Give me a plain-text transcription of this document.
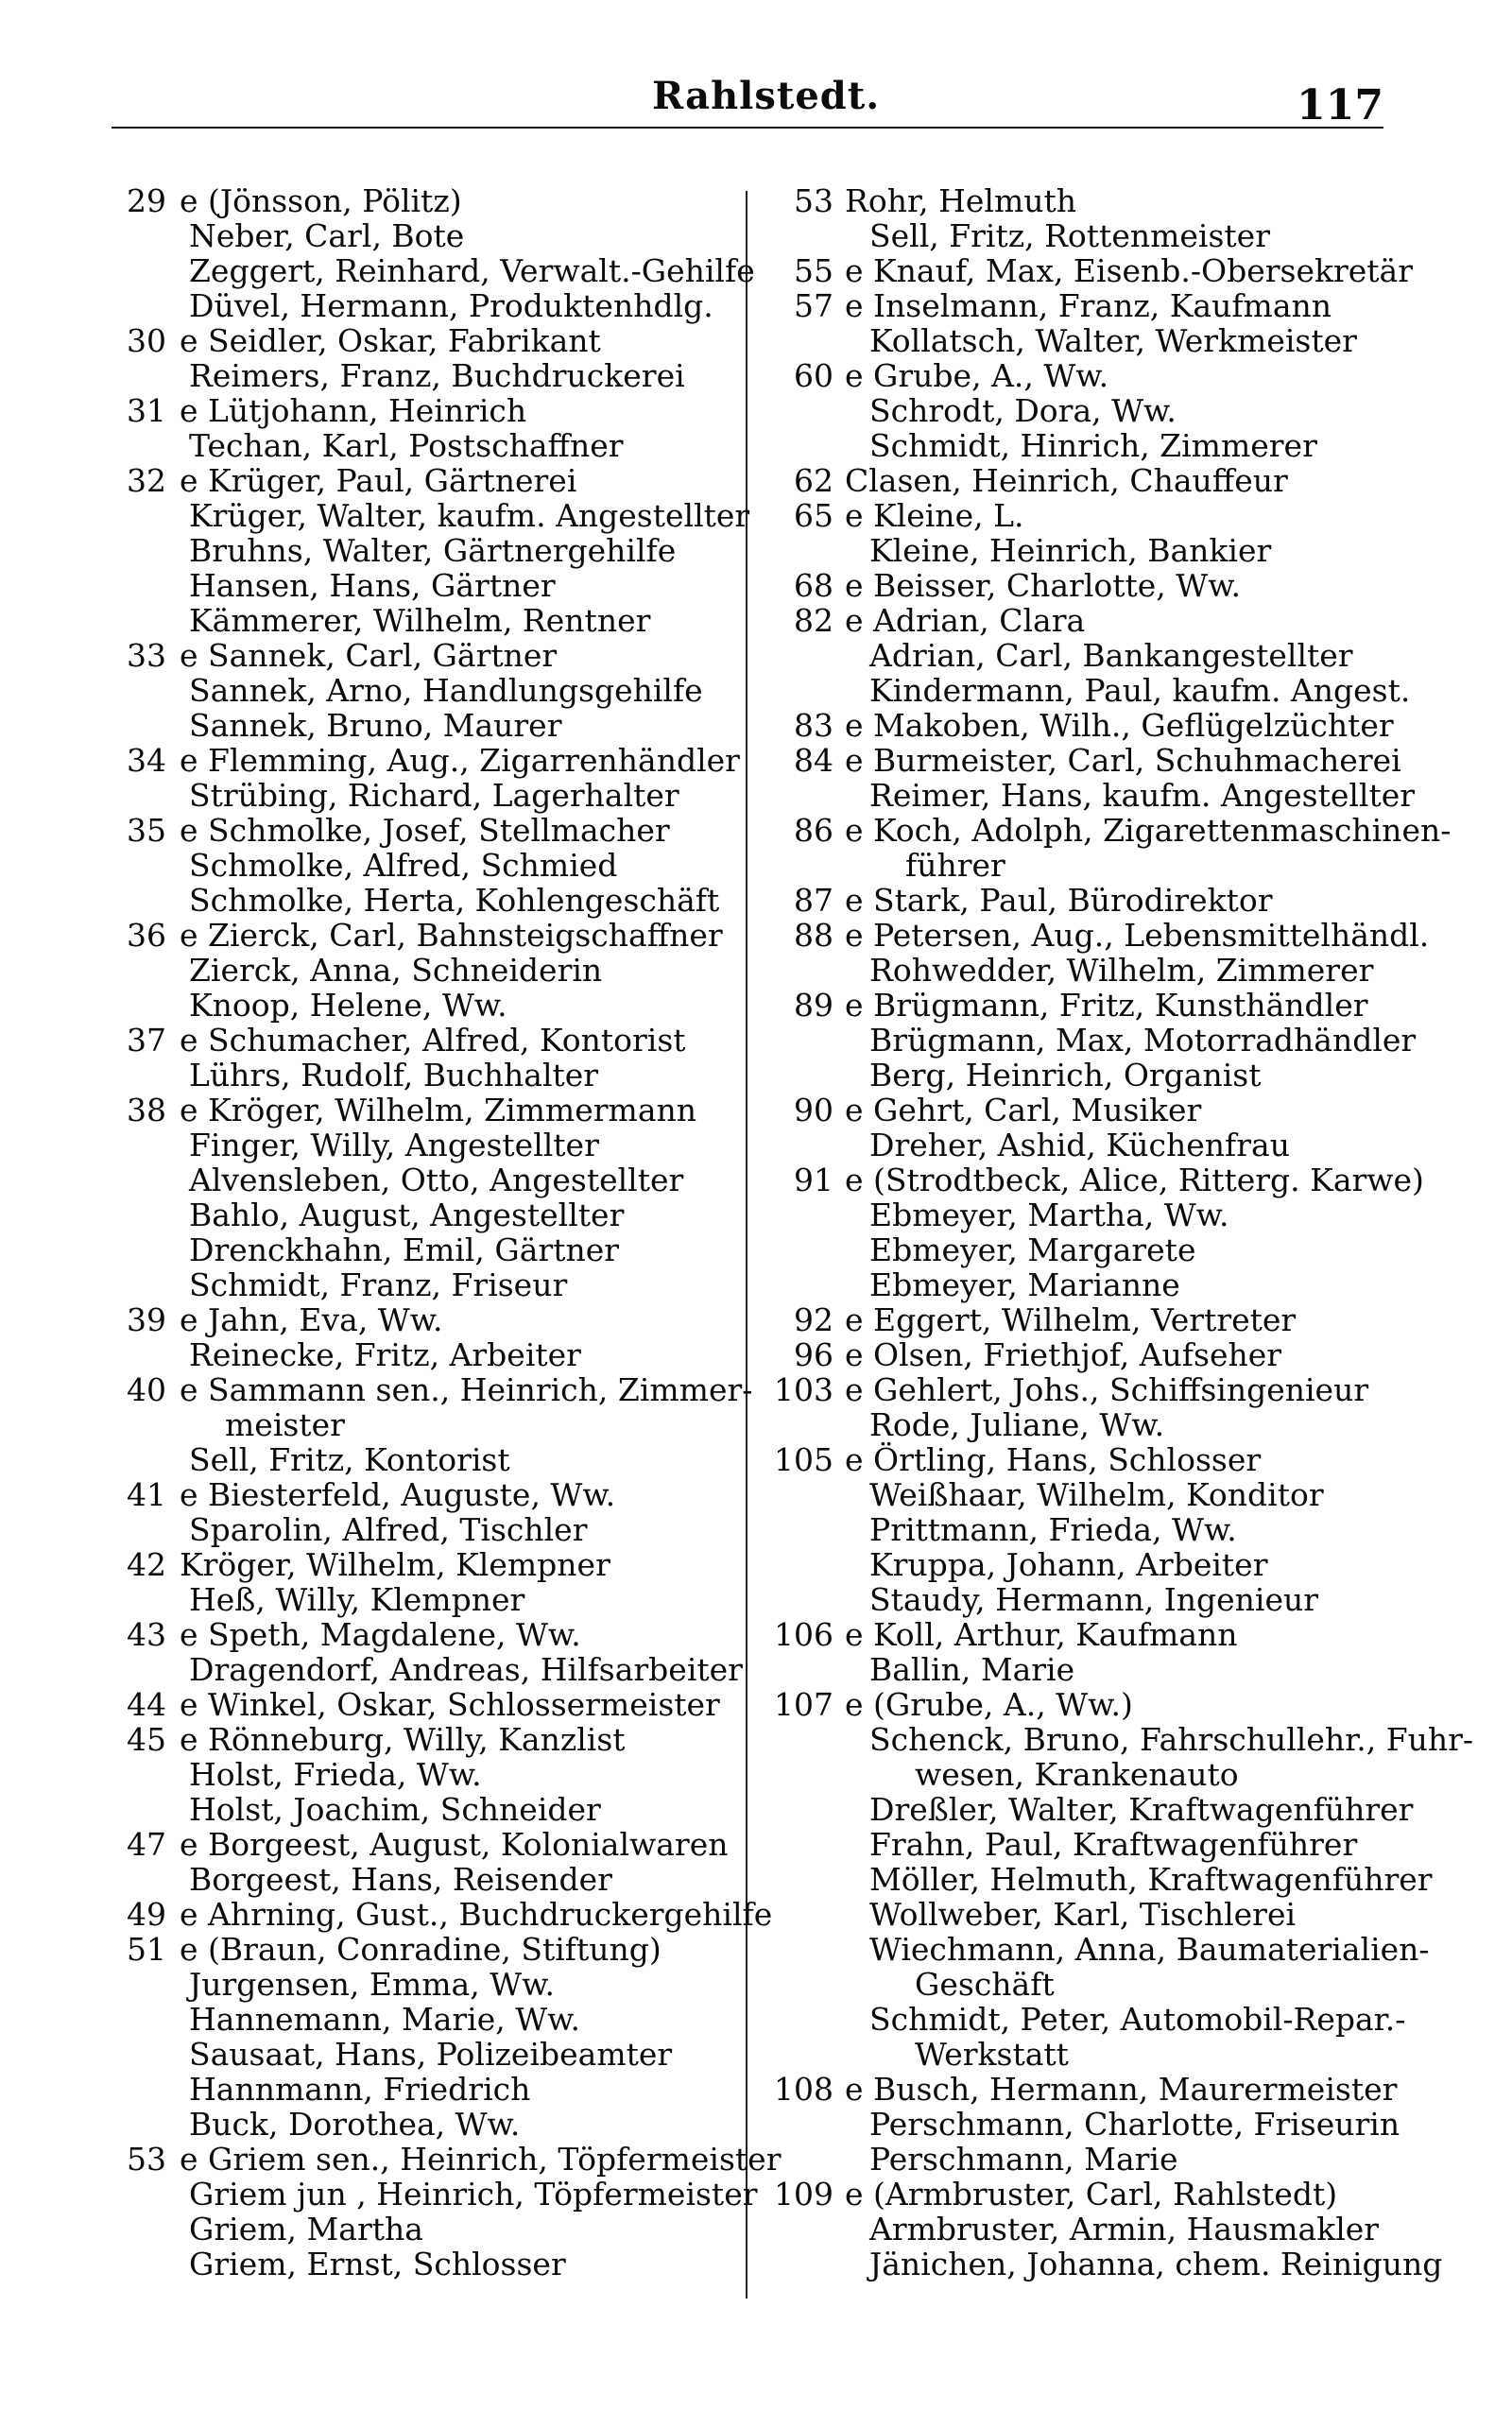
Rahlstedt.	117
29 e (Jönsson, Pölitz)
Neber, Carl, Bote
Zeggert, Reinhard, Verwalt.-Gehilfe
Düvel, Hermann, Produktenhdlg.
30 e Seidler, Oskar, Fabrikant
Reimers, Franz, Buchdruckerei
31 e Lütjohann, Heinrich
Techan, Karl, Postschaffner
32 e Krüger, Paul, Gärtnerei
Krüger, Walter, kaufm. Angestellter
Bruhns, Walter, Gärtnergehilfe
Hansen, Hans, Gärtner
Kämmerer, Wilhelm, Rentner
33 e Sannek, Carl, Gärtner
Sannek, Arno, Handlungsgehilfe
Sannek, Bruno, Maurer
34 e Flemming, Aug., Zigarrenhändler
Strübing, Richard, Lagerhalter
35 e Schmolke, Josef, Stellmacher
Schmolke, Alfred, Schmied
Schmolke, Herta, Kohlengeschäft
36 e Zierck, Carl, Bahnsteigschaffner
Zierck, Anna, Schneiderin
Knoop, Helene, Ww.
37 e Schumacher, Alfred, Kontorist
Lührs, Rudolf, Buchhalter
38 e Kröger, Wilhelm, Zimmermann
Finger, Willy, Angestellter
Alvensleben, Otto, Angestellter
Bahlo, August, Angestellter
Drenckhahn, Emil, Gärtner
Schmidt, Franz, Friseur
39 e Jahn, Eva, Ww.
Reinecke, Fritz, Arbeiter
40 e Sammann sen., Heinrich, Zimmer-
meister
Sell, Fritz, Kontorist
41 e Biesterfeld, Auguste, Ww.
Sparolin, Alfred, Tischler
42 Kröger, Wilhelm, Klempner
Heß, Willy, Klempner
43 e Speth, Magdalene, Ww.
Dragendorf, Andreas, Hilfsarbeiter
44 e Winkel, Oskar, Schlossermeister
45 e Rönneburg, Willy, Kanzlist
Holst, Frieda, Ww.
Holst, Joachim, Schneider
47 e Borgeest, August, Kolonialwaren
Borgeest, Hans, Reisender
49 e Ahrning, Gust., Buchdruckergehilfe
51 e (Braun, Conradine, Stiftung)
Jurgensen, Emma, Ww.
Hannemann, Marie, Ww.
Sausaat, Hans, Polizeibeamter
Hannmann, Friedrich
Buck, Dorothea, Ww.
53 e Griem sen., Heinrich, Töpfermeister
Griem jun , Heinrich, Töpfermeister
Griem, Martha
Griem, Ernst, Schlosser
53 Rohr, Helmuth
Sell, Fritz, Rottenmeister
55 e Knauf, Max, Eisenb.-Obersekretär
57 e Inselmann, Franz, Kaufmann
Kollatsch, Walter, Werkmeister
60 e Grube, A., Ww.
Schrodt, Dora, Ww.
Schmidt, Hinrich, Zimmerer
62 Clasen, Heinrich, Chauffeur
65 e Kleine, L.
Kleine, Heinrich, Bankier
68 e Beisser, Charlotte, Ww.
82 e Adrian, Clara
Adrian, Carl, Bankangestellter
Kindermann, Paul, kaufm. Angest.
83 e Makoben, Wilh., Geflügelzüchter
84 e Burmeister, Carl, Schuhmacherei
Reimer, Hans, kaufm. Angestellter
86 e Koch, Adolph, Zigarettenmaschinen-
führer
87 e Stark, Paul, Bürodirektor
88 e Petersen, Aug., Lebensmittelhändl.
Rohwedder, Wilhelm, Zimmerer
89 e Brügmann, Fritz, Kunsthändler
Brügmann, Max, Motorradhändler
Berg, Heinrich, Organist
90 e Gehrt, Carl, Musiker
Dreher, Ashid, Küchenfrau
91 e (Strodtbeck, Alice, Ritterg. Karwe)
Ebmeyer, Martha, Ww.
Ebmeyer, Margarete
Ebmeyer, Marianne
92 e Eggert, Wilhelm, Vertreter
96 e Olsen, Friethjof, Aufseher
103 e Gehlert, Johs., Schiffsingenieur
Rode, Juliane, Ww.
105 e Örtling, Hans, Schlosser
Weißhaar, Wilhelm, Konditor
Prittmann, Frieda, Ww.
Kruppa, Johann, Arbeiter
Staudy, Hermann, Ingenieur
106 e Koll, Arthur, Kaufmann
Ballin, Marie
107 e (Grube, A., Ww.)
Schenck, Bruno, Fahrschullehr., Fuhr-
wesen, Krankenauto
Dreßler, Walter, Kraftwagenführer
Frahn, Paul, Kraftwagenführer
Möller, Helmuth, Kraftwagenführer
Wollweber, Karl, Tischlerei
Wiechmann, Anna, Baumaterialien-
Geschäft
Schmidt, Peter, Automobil-Repar.-
Werkstatt
108 e Busch, Hermann, Maurermeister
Perschmann, Charlotte, Friseurin
Perschmann, Marie
109 e (Armbruster, Carl, Rahlstedt)
Armbruster, Armin, Hausmakler
Jänichen, Johanna, chem. Reinigung
